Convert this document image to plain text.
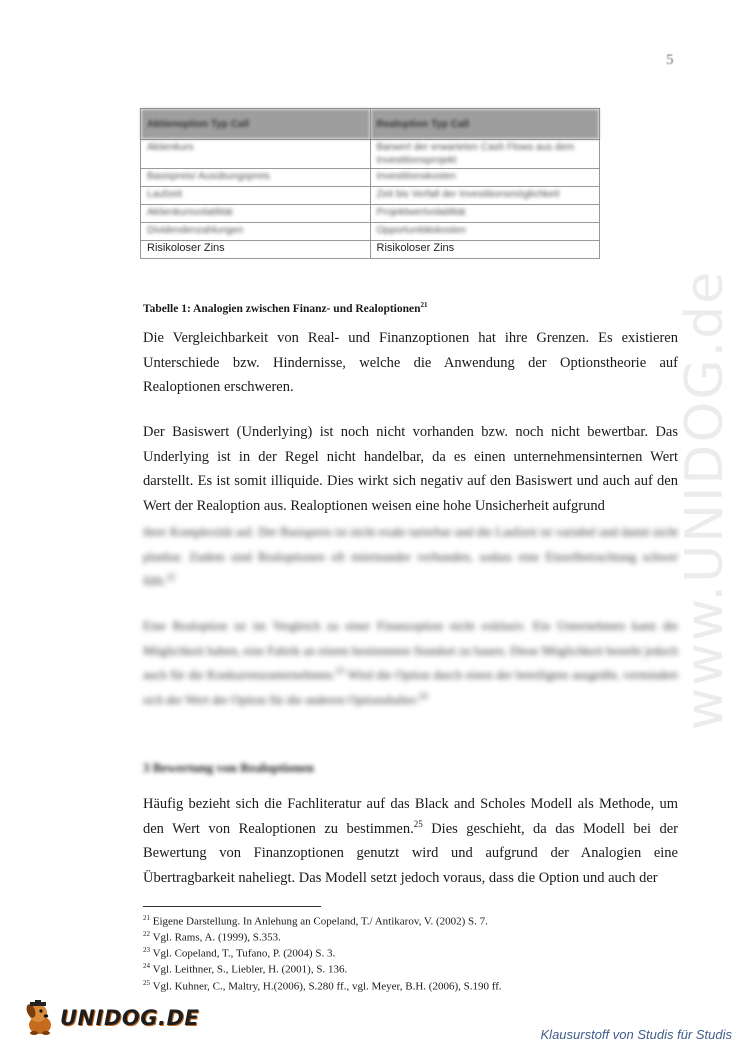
5
www.UNIDOG.de
Aktienoption Typ Call	Realoption Typ Call
Aktienkurs	Barwert der erwarteten Cash Flows aus dem Investitionsprojekt
Basispreis/ Ausübungspreis	Investitionskosten
Laufzeit	Zeit bis Verfall der Investitionsmöglichkeit
Aktienkursvolatilität	Projektwertvolatilität
Dividendenzahlungen	Opportunitätskosten
Risikoloser Zins	Risikoloser Zins
Tabelle 1: Analogien zwischen Finanz- und Realoptionen$^{21}$

Die Vergleichbarkeit von Real- und Finanzoptionen hat ihre Grenzen. Es existieren Unterschiede bzw. Hindernisse, welche die Anwendung der Optionstheorie auf Realoptionen erschweren.

Der Basiswert (Underlying) ist noch nicht vorhanden bzw. noch nicht bewertbar. Das Underlying ist in der Regel nicht handelbar, da es einen unternehmensinternen Wert darstellt. Es ist somit illiquide. Dies wirkt sich negativ auf den Basiswert und auch auf den Wert der Realoption aus. Realoptionen weisen eine hohe Unsicherheit aufgrund

ihrer Komplexität auf. Der Basispreis ist nicht exakt tarierbar und die Laufzeit ist variabel und damit nicht planbar. Zudem sind Realoptionen oft miteinander verbunden, sodass eine Einzelbetrachtung schwer fällt.$^{22}$

Eine Realoption ist im Vergleich zu einer Finanzoption nicht exklusiv. Ein Unternehmen kann die Möglichkeit haben, eine Fabrik an einem bestimmten Standort zu bauen. Diese Möglichkeit besteht jedoch auch für die Konkurrenzunternehmen.$^{23}$ Wird die Option durch einen der beteiligten ausgeübt, vermindert sich der Wert der Option für die anderen Optionshalter.$^{24}$

3 Bewertung von Realoptionen

Häufig bezieht sich die Fachliteratur auf das Black and Scholes Modell als Methode, um den Wert von Realoptionen zu bestimmen.$^{25}$ Dies geschieht, da das Modell bei der Bewertung von Finanzoptionen genutzt wird und aufgrund der Analogien eine Übertragbarkeit naheliegt. Das Modell setzt jedoch voraus, dass die Option und auch der

$^{21}$ Eigene Darstellung. In Anlehung an Copeland, T./ Antikarov, V. (2002) S. 7.
$^{22}$ Vgl. Rams, A. (1999), S.353.
$^{23}$ Vgl. Copeland, T., Tufano, P. (2004) S. 3.
$^{24}$ Vgl. Leithner, S., Liebler, H. (2001), S. 136.
$^{25}$ Vgl. Kuhner, C., Maltry, H.(2006), S.280 ff., vgl. Meyer, B.H. (2006), S.190 ff.
UNIDOG.DE
Klausurstoff von Studis für Studis
